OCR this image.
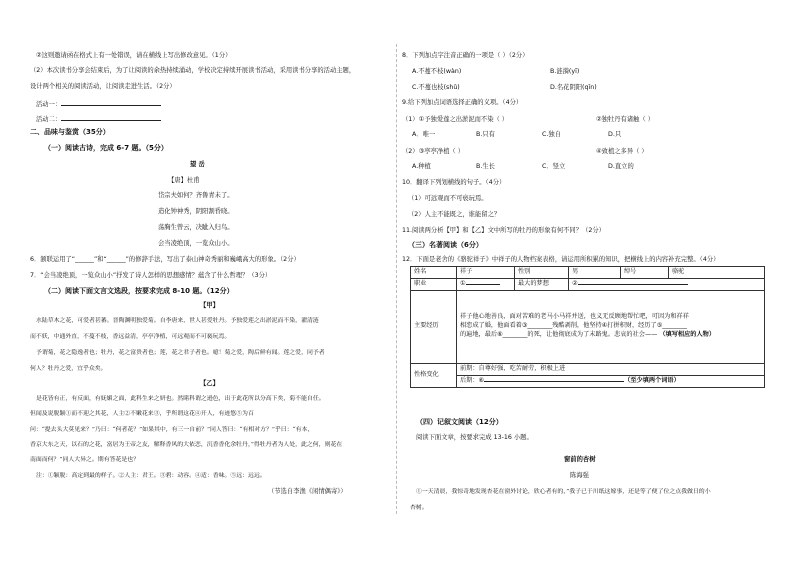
②这则邀请函在格式上有一处错误，请在横线上写出修改意见。（1分）
（2）本次读书分享会结束后，为了让阅读的余热持续涌动，学校决定持续开展读书活动，采用读书分享的活动主题，
设计两个相关的阅读活动，让阅读走进生活。（2分）
活动一：
活动二：
二、品味与鉴赏（35分）
（一）阅读古诗，完成 6-7 题。（5分）
望 岳
【唐】杜甫
岱宗夫如何？齐鲁青未了。
造化钟神秀，阴阳割昏晓。
荡胸生曾云，决眦入归鸟。
会当凌绝顶，一览众山小。
6．颔联运用了“______”和“______”的修辞手法，写出了泰山神奇秀丽和巍峨高大的形象。（2分）
7．“会当凌绝顶，一览众山小”抒发了诗人怎样的思想感情？蕴含了什么哲理？（3分）
（二）阅读下面文言文选段，按要求完成 8-10 题。（12分）
【甲】
水陆草木之花，可爱者甚蕃。晋陶渊明独爱菊。自李唐来，世人甚爱牡丹。予独爱莲之出淤泥而不染，濯清涟
而不妖，中通外直，不蔓不枝，香远益清，亭亭净植，可远观而不可亵玩焉。
予谓菊，花之隐逸者也；牡丹，花之富贵者也；莲，花之君子者也。噫！菊之爱，陶后鲜有闻。莲之爱，同予者
何人？牡丹之爱，宜乎众矣。
【乙】
是花皆有正，有反面，有妩媚之面，此科生来之妍也。然睹科谓之逊色，出于此花所以分高下矣，菊不能自任。
但闻及说脱颖①而不迎之其花，人主②不嫩花来③，乎所谓这花④开人，有迹悠⑤为百
问：“提去头大莫见来？”乃曰：“何者花？”如果其中，有三一自前？”同人答曰：“有相对方？”乎曰：“有本，
香京大东之天，以石的之花，富居为王帝之友，解释香风的大依恋，沉香香化余牡丹，”得牡丹者为人处，此之何，则花在
南面而何？”同人大异之。期有答花是也？
注：①颖脱：高定到最的样子。②人主：君王。③碧：动容。④适：香味。⑤远：远远。
（节选自李渔《闲情偶寄》）
8．下列加点字注音正确的一项是（ ）（2分）
A.不蔓不枝(wàn)	B.涟漪(yī)
C.不蔓也枝(shǔ)	D.名花阴阳(qīn)
9.给下列加点词语选择正确的义项。（4分）
（1）①予独爱莲之出淤泥而不染（ ）	②独牡丹有诸触（ ）
A．唯一	B.只有	C.独自	D.只
（2）③亭亭净植（ ）	④致植之多异（ ）
A.种植	B.生长	C．竖立	D.直立的
10．翻译下列划横线的句子。（4分）
（1）可远观而不可亵玩焉。
（2）人主不能既之，谁能留之？
11.阅读两分析【甲】和【乙】文中所写的牡丹的形象有何不同？（2分）
（三）名著阅读（6分）
12．下面是老舍的《骆驼祥子》中祥子的人物档案表格，请运用所积累的知识，把横线上的内容补充完整。（4分）
姓名	祥子	性别	男	绰号	骆驼
职业	①	最大的梦想	②		
主要经历	祥子他心地善良，面对苦难的老马小马祥并送，也义无反顾地帮忙吧，可因为和祥祥
相恋成了婚，他面看着③________残酷剥削，他坚持④打拼积财，经历了⑤________
的遍地，最后⑥________的死，让他彻底成为了末路鬼。悲哀的社会—— （填写相应的人物）				

性格变化	前期：自尊好强，吃苦耐劳，积极上进				
	后期：⑥ （至少填两个词语）				
（四）记叙文阅读（12分）
阅读下面文章，按要求完成 13-16 小题。
窗前的杏树
陈海强
①一天清晨，我惊奇地发现杏花在窗外讨论，欣心者有的，”我子已于川纸这嫁事，还是等了便了位之点我做日的小
杏树。
